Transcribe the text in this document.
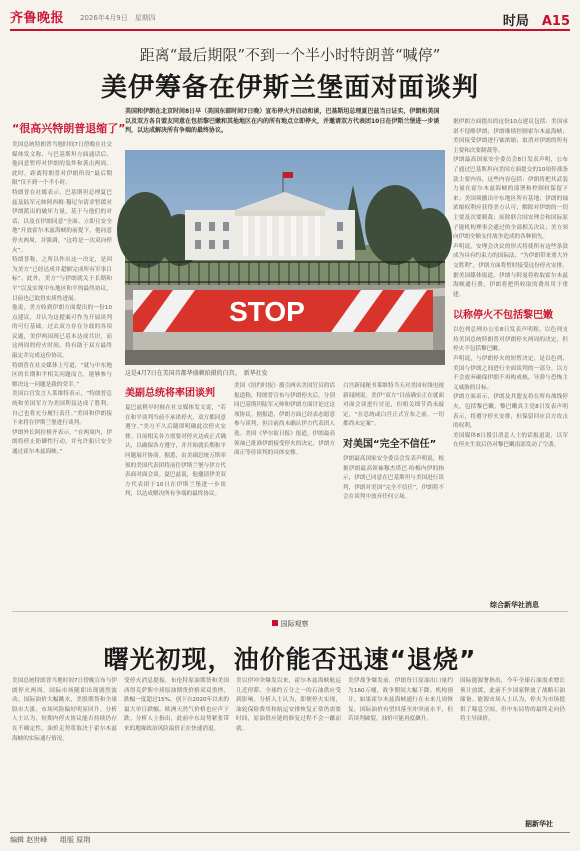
齐鲁晚报 2026年4月9日　星期四	时局　 A15
距离“最后期限”不到一个半小时特朗普“喊停”
美伊筹备在伊斯兰堡面对面谈判
美国和伊朗在北京时间8日早（美国东部时间7日晚）宣布停火并启动和谈，巴基斯坦总理夏巴兹当日证实，伊朗和美国以及双方各自盟友同意在包括黎巴嫩和其他地区在内的所有地点立即停火，并邀请双方代表团10日在伊斯兰堡进一步谈判，以达成解决所有争端的最终协议。
“很高兴特朗普退缩了”

美国总统特朗普当地时间7日傍晚在社交媒体发文称，与巴基斯坦方面通话后，他同意暂停对伊朗的轰炸和袭击两周。此时，距离特朗普对伊朗所设“最后期限”仅不到一个半小时。

特朗普在社媒表示，巴基斯坦总理夏巴兹及陆军元帅阿西姆·穆尼尔请求暂缓对伊朗派出的破坏力量，基于与他们的对话，以及在伊朗同意“全面、立即且安全地”开放霍尔木兹海峡的前提下，他同意停火两周，并强调，“这将是一次双向停火”。

特朗普称，之所以作出这一决定，是因为美方“已经达成并超额完成所有军事目标”。此外，美方“与伊朗就关于长期和平”以及实现中东地区和平的最终协议，目前也已取得实质性进展。

他说，美方收到伊朗方面提出的一份10点建议，并认为这提案可作为开展谈判的可行基础。过去双方存在分歧的各项议题，美伊两国现已基本达成共识，而这两周的停火时间，将有助于双方最终敲定并完成这份协议。

特朗普在社交媒体上写道，“就与中东地区的长期和平相关问题而言，能够参与解决这一问题是我的荣幸。”

美国白宫发言人莱维特表示，“特朗普总统和美国军方为美国利益达成了胜利，自己也将充分履行责任。”美国和伊朗接下来将在伊斯兰堡进行谈判。

伊朗外长阿拉格齐表示，“在两周内，伊朗将停止防御性行动，并允许船只安全通过霍尔木兹海峡。”

STOP
这是4月7日在美国首都华盛顿拍摄的白宫。　新华社发
美副总统将率团谈判

夏巴兹稍早时候在社交媒体发文说，“若在和平谈判当前不承诺停火，双方都同意遵守。”美方不久后随即明确此次停火安排。目前相关各方需要对停火达成正式确认，以确保各方遵守，并开始就长期和平问题展开协商。据悉，由美副总统万斯率领的美国代表团将前往伊斯兰堡与伊方代表面对面会谈。夏巴兹说，他邀请伊美双方代表团于10日在伊斯兰堡进一步谈判，以达成解决所有争端的最终协议。

美国《纽约时报》援引两名美国官员的话报道称，特朗普宣布与伊朗停火后，分别同巴基斯坦陆军元帅和伊朗方面讨论过这项协议。据报道，伊朗方面已经表态愿意参与谈判，但目前尚未确认伊方代表团人选。美国《华尔街日报》报道，伊朗最高领袖已批准伊朗接受停火的决定，伊朗方面正等待谈判的具体安排。

白宫新闻秘书莱维特当天对美国有线电视新闻网说，美伊“双方”目前确实正在就面对面会谈进行讨论，但相关细节尚未敲定，“在总统或白宫正式宣布之前，一切都尚未定案”。

对美国“完全不信任”

伊朗最高国家安全委员会发表声明说，根据伊朗最高领袖穆杰塔巴·哈梅内伊的指示，伊朗已同意在巴基斯坦与美国进行谈判，伊朗对美国“完全不信任”，伊朗将不会在谈判中放弃任何立场。

据伊朗方面提出的这份10点建议包括：美国承诺不侵略伊朗；伊朗继续控制霍尔木兹海峡；美国接受伊朗进行铀浓缩；取消对伊朗的所有主要和次要制裁等。

伊朗最高国家安全委员会8日发表声明，公布了通过巴基斯坦向美国方面提交的10项停战条款主要内容，这些内容包括：伊朗将把其武装力量在霍尔木兹海峡的部署和控制权保留下来；美国须撤出中东地区所有基地；伊朗的铀浓缩权利应获得美方认可；解除对伊朗的一切主要及次要制裁；废除联合国安理会和国际原子能机构理事会通过的全部相关决议；美方须向伊朗全额支付战争造成的各种损失。

声明说，安理会决议的形式将使所有这些条款成为具有约束力的国际法。“为伊朗带来重大外交胜利”，伊朗方面将暂时接受这份停火安排。

据美国媒体报道，伊朗与阿曼将收取霍尔木兹海峡通行费，伊朗将把所收取的费用用于重建。

以称停火不包括黎巴嫩

以色列总理办公室8日发表声明称，以色列支持美国总统特朗普对伊朗停火两周的决定，但停火不包括黎巴嫩。

声明说，与伊朗停火的短暂决定，是以色列、美国与伊朗之间进行全面谈判的一部分。以方不会放弃确保伊朗不再构成核、导弹与恐怖主义威胁的目标。

伊朗方面表示，伊朗及其盟友将在所有战线停火，包括黎巴嫩。黎巴嫩真主党8日发表声明表示，将遵守停火安排，但保留回应以方攻击的权利。

美国媒体8日援引消息人士的话报道说，以军在停火生效后仍对黎巴嫩南部发动了空袭。

综合新华社消息
国际观察
曙光初现，油价能否迅速“退烧”

美国总统特朗普当地时间7日傍晚宣布与伊朗停火两周，国际市场随即出现剧烈波动。国际油价大幅跳水，美股期货和全球股市大涨，市场风险偏好明显回升。分析人士认为，短期内停火协议能否持续仍存在不确定性，油价走势将取决于霍尔木兹海峡的实际通行情况。

受停火消息提振，布伦特原油期货和美国西得克萨斯中质原油期货价格双双重挫，跌幅一度超过15%，创下自2020年以来的最大单日跌幅。欧洲天然气价格也应声下跌。分析人士指出，此前中东局势紧张带来的地缘政治风险溢价正在快速消退。

美以伊冲突爆发以来，霍尔木兹海峡航运几近停滞，全球约五分之一的石油供应受到影响。分析人士认为，即便停火实现，油轮保险费用和航运安排恢复正常仍需要时间，原油供应链的修复过程不会一蹴而就。

美伊战争爆发前，伊朗每日原油出口量约为160万桶，战争期间大幅下降。机构预计，如果霍尔木兹海峡通行在未来几周恢复，国际油价有望回落至冲突前水平，但若谈判破裂，油价可能再度飙升。

国际能源署指出，今年全球石油需求增长预计放缓，此前不少国家释放了战略石油储备。能源市场人士认为，停火为市场提供了喘息空间，但中东局势的最终走向仍将主导油价。

据新华社
编辑 赵世峰 组版 原荆
